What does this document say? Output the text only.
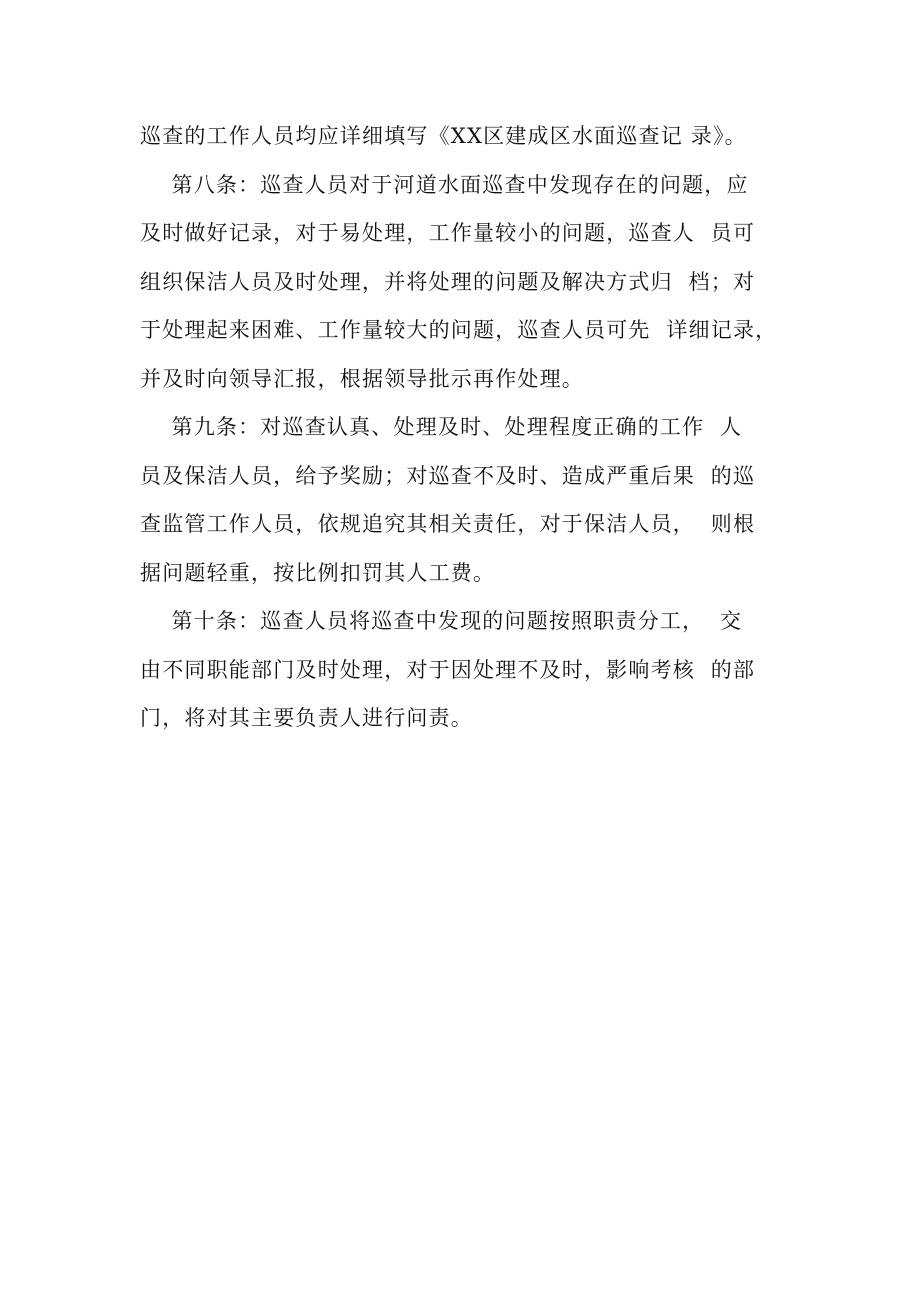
巡查的工作人员均应详细填写《XX区建成区水面巡查记 录》。
第八条：巡查人员对于河道水面巡查中发现存在的问题，应
及时做好记录，对于易处理，工作量较小的问题，巡查人  员可
组织保洁人员及时处理，并将处理的问题及解决方式归  档；对
于处理起来困难、工作量较大的问题，巡查人员可先  详细记录，
并及时向领导汇报，根据领导批示再作处理。
第九条：对巡查认真、处理及时、处理程度正确的工作  人
员及保洁人员，给予奖励；对巡查不及时、造成严重后果  的巡
查监管工作人员，依规追究其相关责任，对于保洁人员，  则根
据问题轻重，按比例扣罚其人工费。
第十条：巡查人员将巡查中发现的问题按照职责分工，  交
由不同职能部门及时处理，对于因处理不及时，影响考核  的部
门，将对其主要负责人进行问责。
